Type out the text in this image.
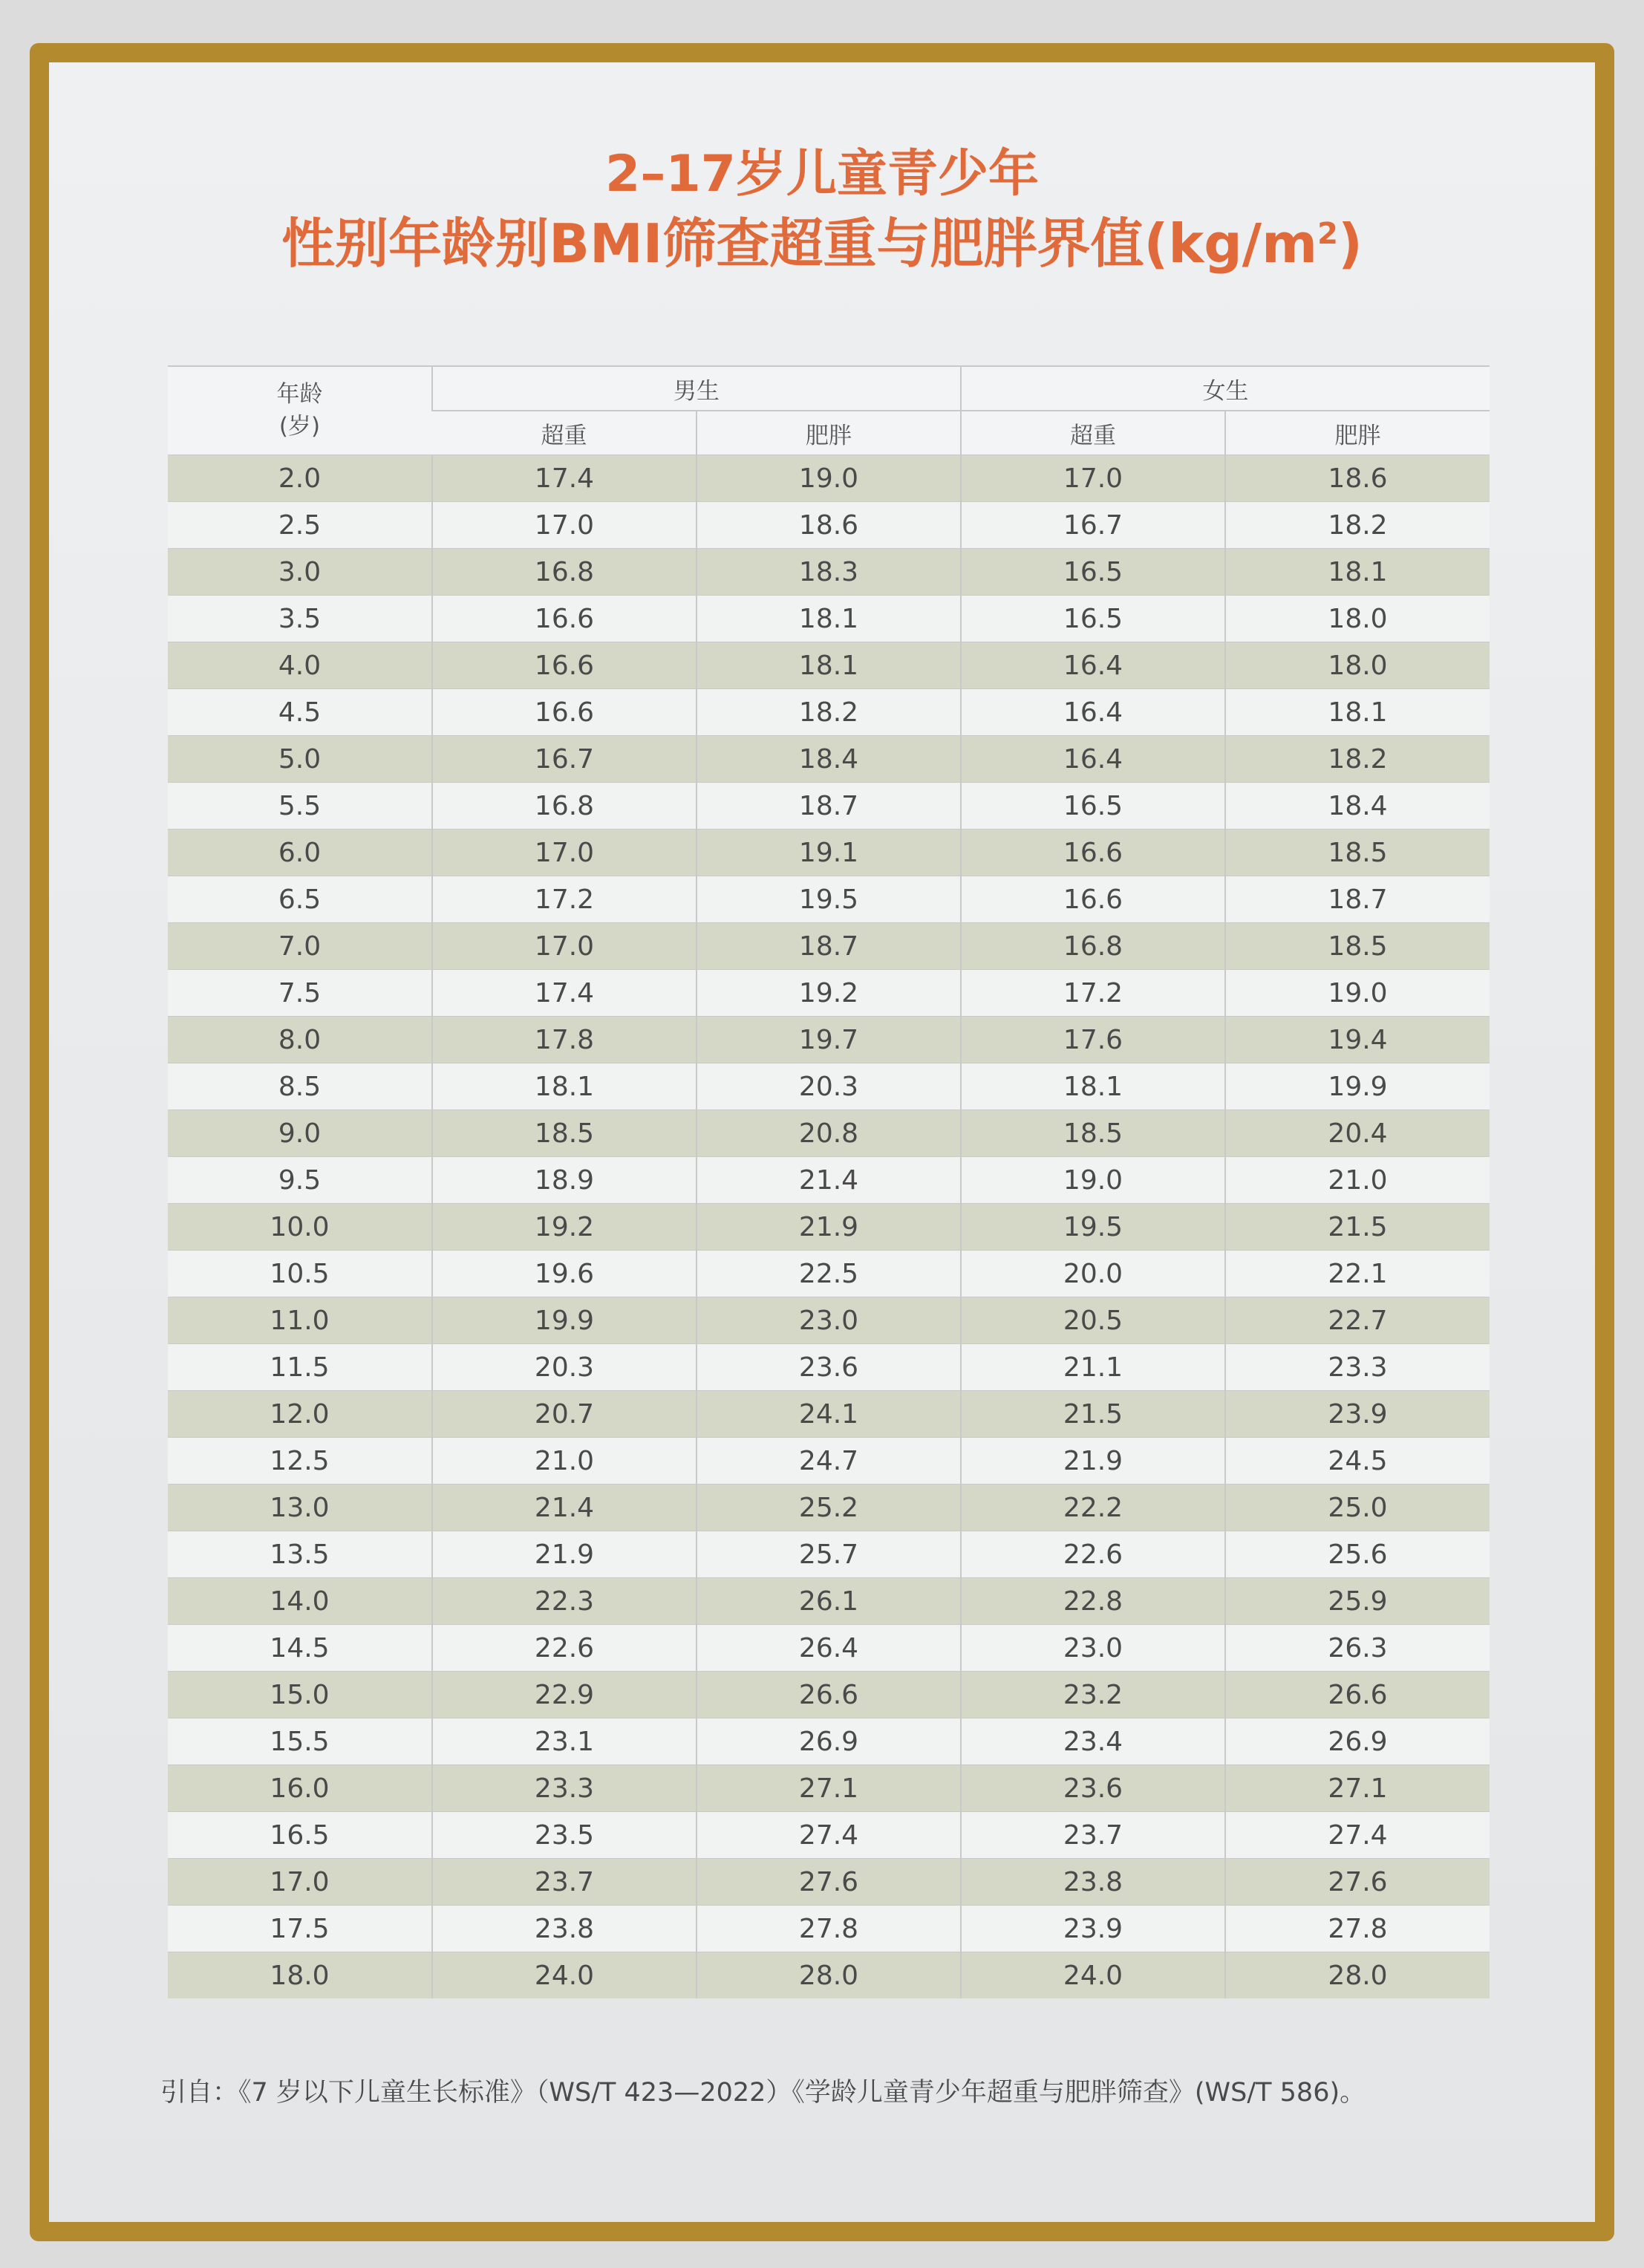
2–17岁儿童青少年
性别年龄别BMI筛查超重与肥胖界值$(kg/m^2)$
年龄
(岁)	男生		女生	
	超重	肥胖	超重	肥胖
2.0	17.4	19.0	17.0	18.6
2.5	17.0	18.6	16.7	18.2
3.0	16.8	18.3	16.5	18.1
3.5	16.6	18.1	16.5	18.0
4.0	16.6	18.1	16.4	18.0
4.5	16.6	18.2	16.4	18.1
5.0	16.7	18.4	16.4	18.2
5.5	16.8	18.7	16.5	18.4
6.0	17.0	19.1	16.6	18.5
6.5	17.2	19.5	16.6	18.7
7.0	17.0	18.7	16.8	18.5
7.5	17.4	19.2	17.2	19.0
8.0	17.8	19.7	17.6	19.4
8.5	18.1	20.3	18.1	19.9
9.0	18.5	20.8	18.5	20.4
9.5	18.9	21.4	19.0	21.0
10.0	19.2	21.9	19.5	21.5
10.5	19.6	22.5	20.0	22.1
11.0	19.9	23.0	20.5	22.7
11.5	20.3	23.6	21.1	23.3
12.0	20.7	24.1	21.5	23.9
12.5	21.0	24.7	21.9	24.5
13.0	21.4	25.2	22.2	25.0
13.5	21.9	25.7	22.6	25.6
14.0	22.3	26.1	22.8	25.9
14.5	22.6	26.4	23.0	26.3
15.0	22.9	26.6	23.2	26.6
15.5	23.1	26.9	23.4	26.9
16.0	23.3	27.1	23.6	27.1
16.5	23.5	27.4	23.7	27.4
17.0	23.7	27.6	23.8	27.6
17.5	23.8	27.8	23.9	27.8
18.0	24.0	28.0	24.0	28.0
引自：《7 岁以下儿童生长标准》（WS/T 423—2022）《学龄儿童青少年超重与肥胖筛查》(WS/T 586)。
